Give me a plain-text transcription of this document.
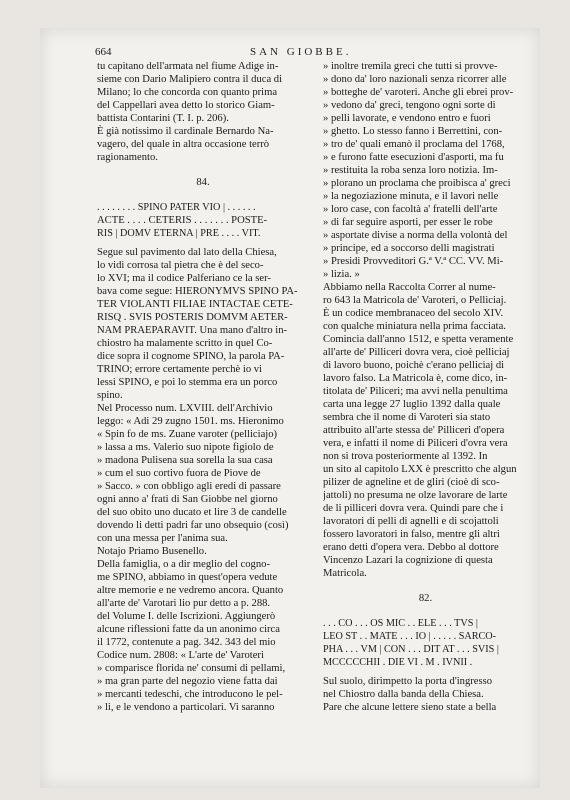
664	SAN GIOBBE.
tu capitano dell'armata nel fiume Adige in-
sieme con Dario Malipiero contra il duca di
Milano; lo che concorda con quanto prima
del Cappellari avea detto lo storico Giam-
battista Contarini (T. I. p. 206).
È già notissimo il cardinale Bernardo Na-
vagero, del quale in altra occasione terrò
ragionamento.
84.
. . . . . . . . SPINO PATER VIO | . . . . . .
ACTE . . . . CETERIS . . . . . . . POSTE-
RIS | DOMV ETERNA | PRE . . . . VIT.
Segue sul pavimento dal lato della Chiesa,
lo vidi corrosa tal pietra che è del seco-
lo XVI; ma il codice Palferiano ce la ser-
bava come segue: HIERONYMVS SPINO PA-
TER VIOLANTI FILIAE INTACTAE CETE-
RISQ . SVIS POSTERIS DOMVM AETER-
NAM PRAEPARAVIT. Una mano d'altro in-
chiostro ha malamente scritto in quel Co-
dice sopra il cognome SPINO, la parola PA-
TRINO; errore certamente perchè io vi
lessi SPINO, e poi lo stemma era un porco
spino.
Nel Processo num. LXVIII. dell'Archivio
leggo: « Adi 29 zugno 1501. ms. Hieronimo
« Spin fo de ms. Zuane varoter (pelliciajo)
» lassa a ms. Valerio suo nipote figiolo de
» madona Pulisena sua sorella la sua casa
» cum el suo cortivo fuora de Piove de
» Sacco. » con obbligo agli eredi di passare
ogni anno a' frati di San Giobbe nel giorno
del suo obito uno ducato et lire 3 de candelle
dovendo li detti padri far uno obsequio (così)
con una messa per l'anima sua.
Notajo Priamo Busenello.
Della famiglia, o a dir meglio del cogno-
me SPINO, abbiamo in quest'opera vedute
altre memorie e ne vedremo ancora. Quanto
all'arte de' Varotari lio pur detto a p. 288.
del Volume I. delle Iscrizioni. Aggiungerò
alcune riflessioni fatte da un anonimo circa
il 1772, contenute a pag. 342. 343 del mio
Codice num. 2808: « L'arte de' Varoteri
» comparisce florida ne' consumi di pellami,
» ma gran parte del negozio viene fatta dai
» mercanti tedeschi, che introducono le pel-
» li, e le vendono a particolari. Vi saranno
» inoltre tremila greci che tutti si provve-
» dono da' loro nazionali senza ricorrer alle
» botteghe de' varoteri. Anche gli ebrei prov-
» vedono da' greci, tengono ogni sorte di
» pelli lavorate, e vendono entro e fuori
» ghetto. Lo stesso fanno i Berrettini, con-
» tro de' quali emanò il proclama del 1768,
» e furono fatte esecuzioni d'asporti, ma fu
» restituita la roba senza loro notizia. Im-
» plorano un proclama che proibisca a' greci
» la negoziazione minuta, e il lavori nelle
» loro case, con facoltà a' fratelli dell'arte
» di far seguire asporti, per esser le robe
» asportate divise a norma della volontà del
» principe, ed a soccorso delli magistrati
» Presidi Provveditori G.ª V.ª CC. VV. Mi-
» lizia. »
Abbiamo nella Raccolta Correr al nume-
ro 643 la Matricola de' Varoteri, o Pelliciaj.
È un codice membranaceo del secolo XIV.
con qualche miniatura nella prima facciata.
Comincia dall'anno 1512, e spetta veramente
all'arte de' Pilliceri dovra vera, cioè pelliciaj
di lavoro buono, poichè c'erano pelliciaj di
lavoro falso. La Matricola è, come dico, in-
titolata de' Piliceri; ma avvi nella penultima
carta una legge 27 luglio 1392 dalla quale
sembra che il nome di Varoteri sia stato
attribuito all'arte stessa de' Pilliceri d'opera
vera, e infatti il nome di Piliceri d'ovra vera
non si trova posteriormente al 1392. In
un sito al capitolo LXX è prescritto che algun
pilizer de agneline et de gliri (cioè di sco-
jattoli) no presuma ne olze lavorare de larte
de li pilliceri dovra vera. Quindi pare che i
lavoratori di pelli di agnelli e di scojattoli
fossero lavoratori in falso, mentre gli altri
erano detti d'opera vera. Debbo al dottore
Vincenzo Lazari la cognizione di questa
Matricola.
82.
. . . CO . . . OS MIC . . ELE . . . TVS |
LEO ST . . MATE . . . IO | . . . . . SARCO-
PHA . . . VM | CON . . . DIT AT . . . SVIS |
MCCCCCHII . DIE VI . M . IVNII .
Sul suolo, dirimpetto la porta d'ingresso
nel Chiostro dalla banda della Chiesa.
Pare che alcune lettere sieno state a bella
